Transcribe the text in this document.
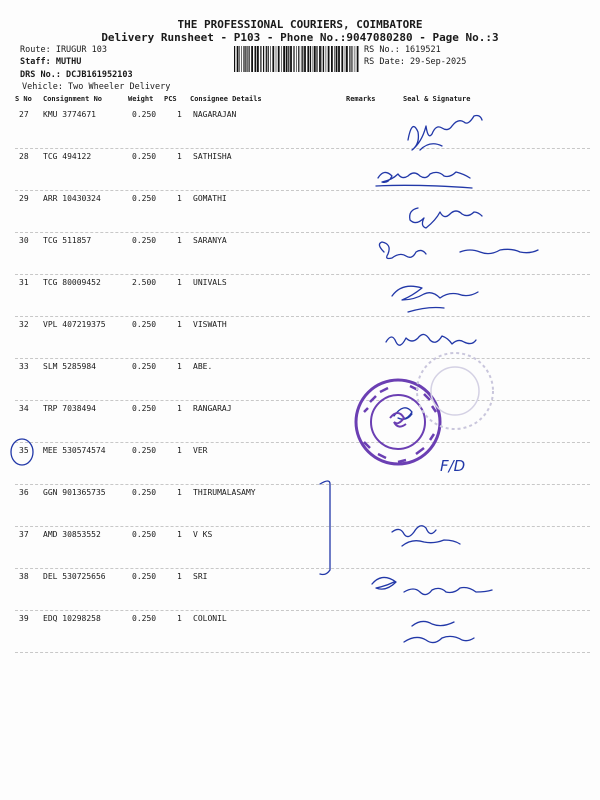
THE PROFESSIONAL COURIERS, COIMBATORE
Delivery Runsheet - P103 - Phone No.:9047080280 - Page No.:3
Route: IRUGUR 103
Staff: MUTHU
DRS No.: DCJB161952103
Vehicle: Two Wheeler Delivery
RS No.: 1619521
RS Date: 29-Sep-2025
S No Consignment No	Weight PCS Consignee Details	Remarks	Seal & Signature
27 KMU 3774671	0.250	1 NAGARAJAN
28 TCG 494122	0.250	1 SATHISHA
29 ARR 10430324	0.250	1 GOMATHI
30 TCG 511857	0.250	1 SARANYA
31 TCG 80009452	2.500	1 UNIVALS
32 VPL 407219375	0.250	1 VISWATH
33 SLM 5285984	0.250	1 ABE.
34 TRP 7038494	0.250	1 RANGARAJ
35 MEE 530574574	0.250	1 VER
36 GGN 901365735	0.250	1 THIRUMALASAMY
37 AMD 30853552	0.250	1 V KS
38 DEL 530725656	0.250	1 SRI
39 EDQ 10298258	0.250	1 COLONIL
F/D
